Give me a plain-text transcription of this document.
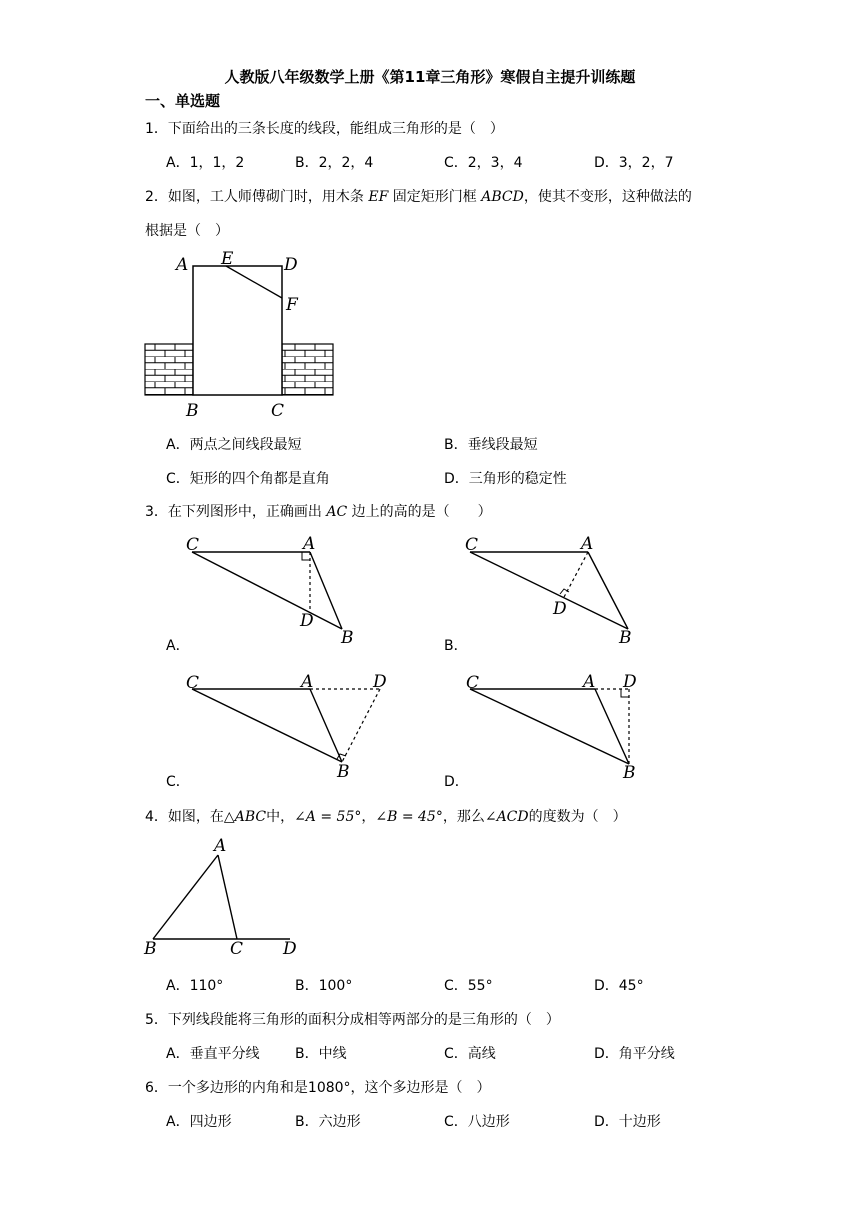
人教版八年级数学上册《第11章三角形》寒假自主提升训练题
一、单选题
1．下面给出的三条长度的线段，能组成三角形的是（　）
A．1，1，2	B．2，2，4	C．2，3，4	D．3，2，7
2．如图，工人师傅砌门时，用木条 EF 固定矩形门框 ABCD，使其不变形，这种做法的
根据是（　）
A E	D
F
B	C
A．两点之间线段最短	B．垂线段最短
C．矩形的四个角都是直角	D．三角形的稳定性
3．在下列图形中，正确画出 AC 边上的高的是（　　）
C	A
D
B
C	A
D
B
C	A	D
B
C	A D
B
A．	B．
C．	D．
4．如图，在△ABC中，∠A = 55°，∠B = 45°，那么∠ACD的度数为（　）
A
B	C D
A．110°	B．100°	C．55°	D．45°
5．下列线段能将三角形的面积分成相等两部分的是三角形的（　）
A．垂直平分线	B．中线	C．高线	D．角平分线
6．一个多边形的内角和是1080°，这个多边形是（　）
A．四边形	B．六边形	C．八边形	D．十边形
